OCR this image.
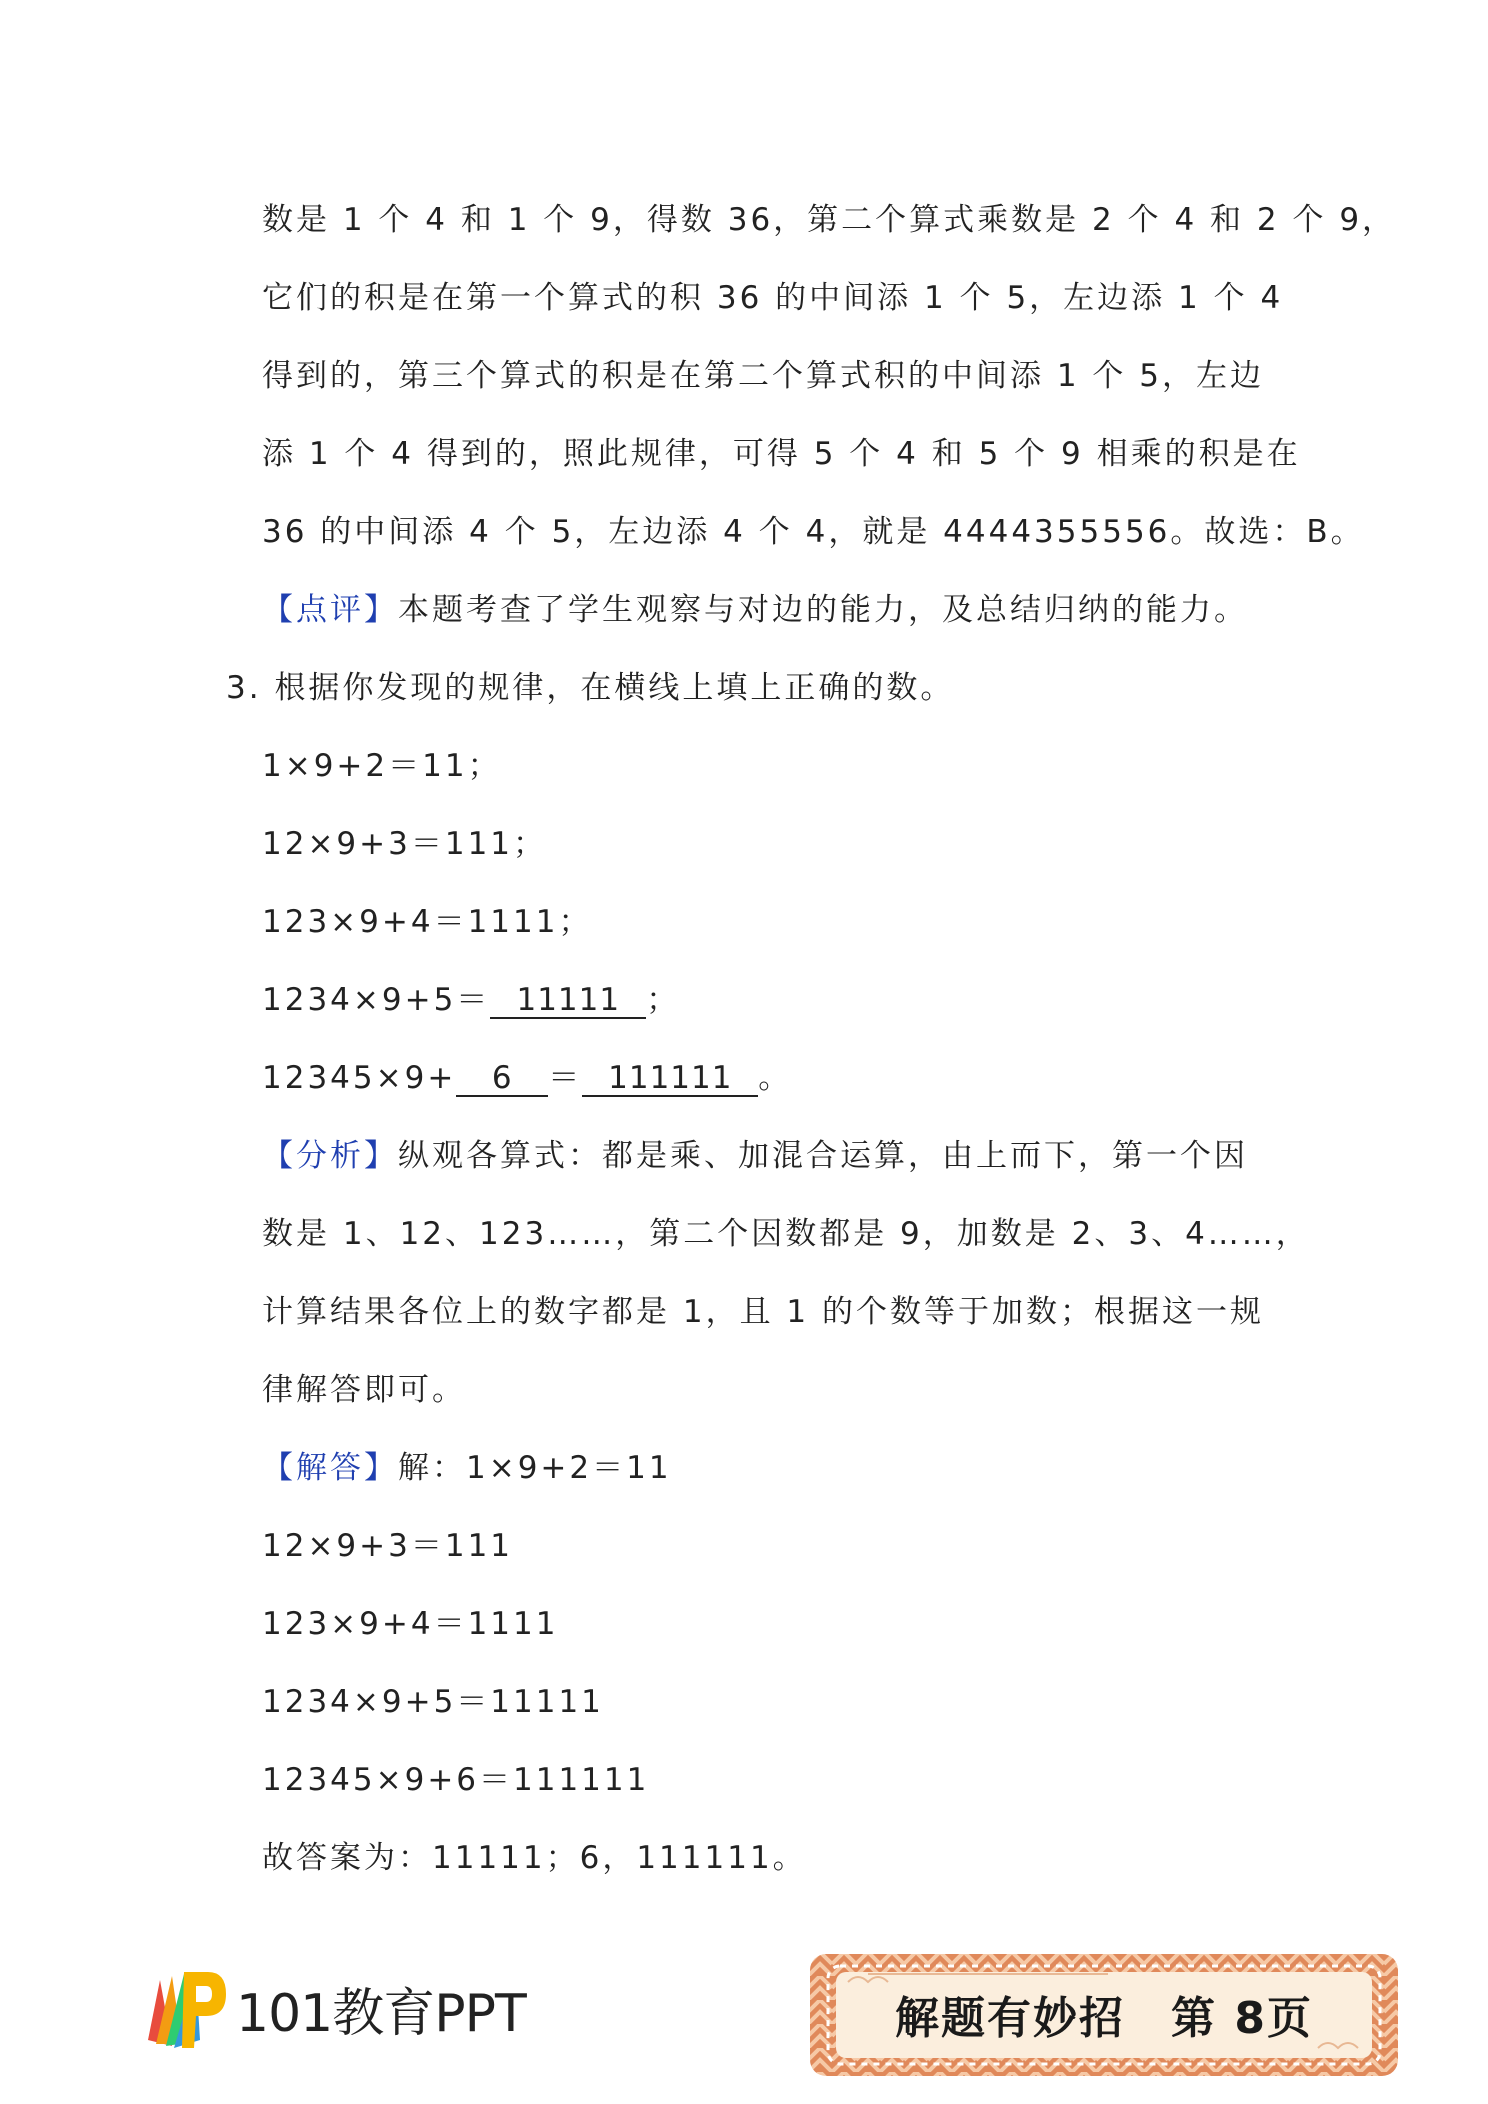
数是 1 个 4 和 1 个 9，得数 36，第二个算式乘数是 2 个 4 和 2 个 9，
它们的积是在第一个算式的积 36 的中间添 1 个 5，左边添 1 个 4
得到的，第三个算式的积是在第二个算式积的中间添 1 个 5，左边
添 1 个 4 得到的，照此规律，可得 5 个 4 和 5 个 9 相乘的积是在
36 的中间添 4 个 5，左边添 4 个 4，就是 4444355556。故选：B。
【点评】本题考查了学生观察与对边的能力，及总结归纳的能力。
3. 根据你发现的规律，在横线上填上正确的数。
1×9+2＝11；
12×9+3＝111；
123×9+4＝1111；
1234×9+5＝ 11111 ；
12345×9+ 6 ＝ 111111 。
【分析】纵观各算式：都是乘、加混合运算，由上而下，第一个因
数是 1、12、123……，第二个因数都是 9，加数是 2、3、4……，
计算结果各位上的数字都是 1，且 1 的个数等于加数；根据这一规
律解答即可。
【解答】解：1×9+2＝11
12×9+3＝111
123×9+4＝1111
1234×9+5＝11111
12345×9+6＝111111
故答案为：11111；6，111111。
101教育PPT	解题有妙招　第 8页
